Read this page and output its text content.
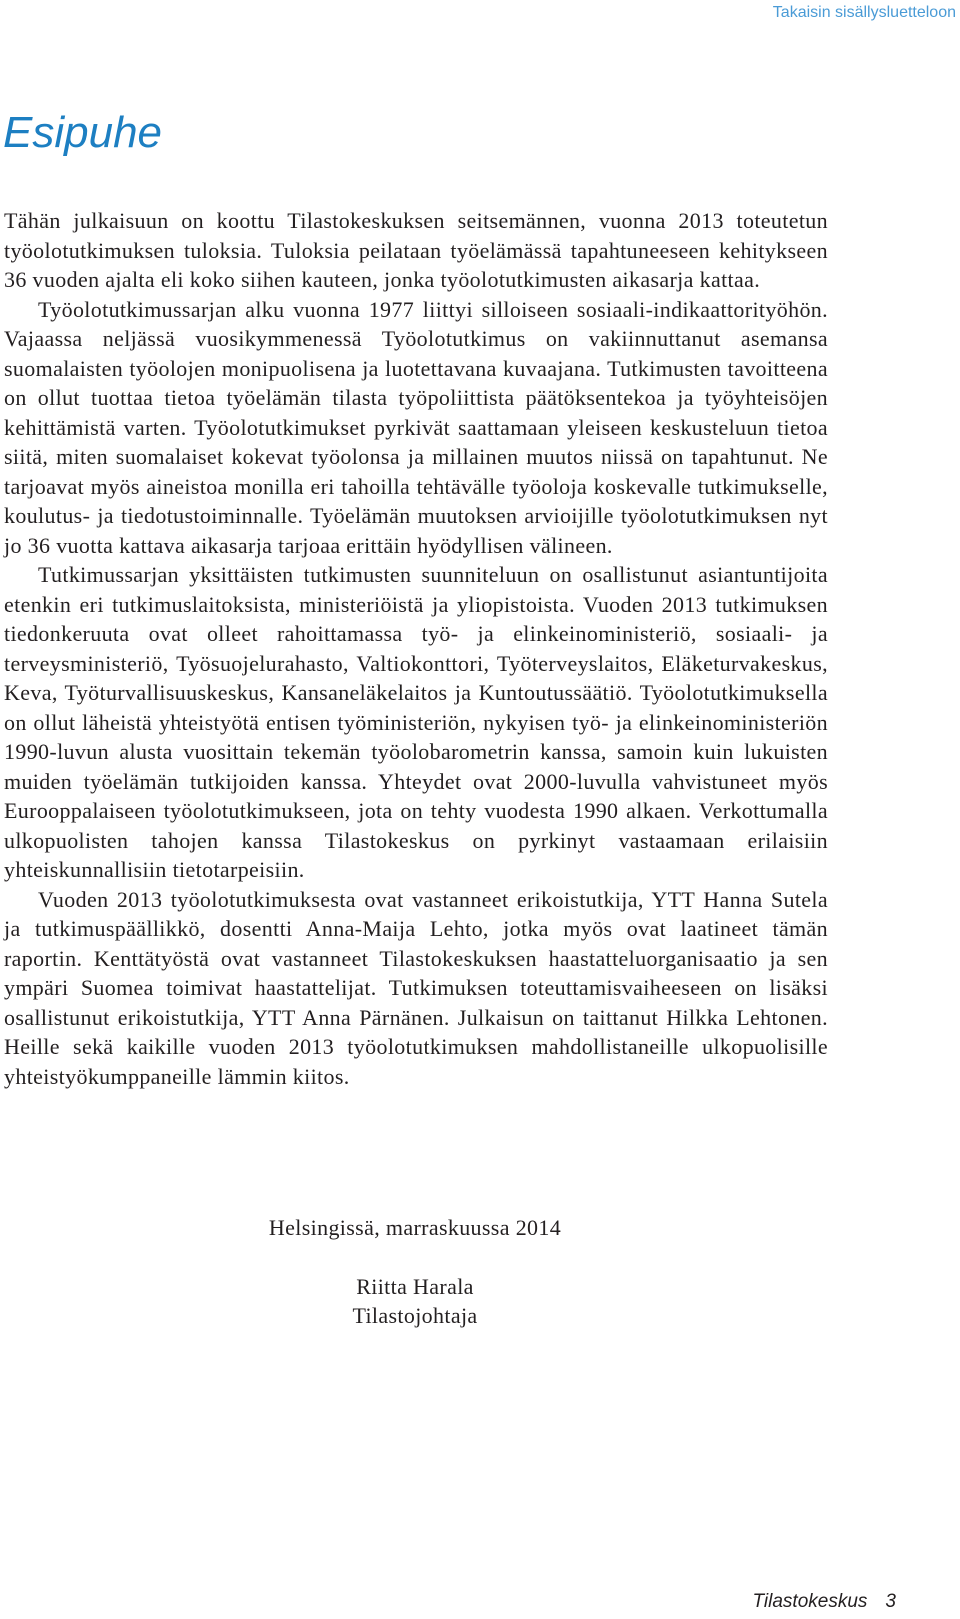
Takaisin sisällysluetteloon
Esipuhe

Tähän julkaisuun on koottu Tilastokeskuksen seitsemännen, vuonna 2013 toteutetun työolotutkimuksen tuloksia. Tuloksia peilataan työelämässä tapahtuneeseen kehitykseen 36 vuoden ajalta eli koko siihen kauteen, jonka työolotutkimusten aikasarja kattaa.

Työolotutkimussarjan alku vuonna 1977 liittyi silloiseen sosiaali-indikaattorityöhön. Vajaassa neljässä vuosikymmenessä Työolotutkimus on vakiinnuttanut asemansa suomalaisten työolojen monipuolisena ja luotettavana kuvaajana. Tutkimusten tavoitteena on ollut tuottaa tietoa työelämän tilasta työpoliittista päätöksentekoa ja työyhteisöjen kehittämistä varten. Työolotutkimukset pyrkivät saattamaan yleiseen keskusteluun tietoa siitä, miten suomalaiset kokevat työolonsa ja millainen muutos niissä on tapahtunut. Ne tarjoavat myös aineistoa monilla eri tahoilla tehtävälle työoloja koskevalle tutkimukselle, koulutus- ja tiedotustoiminnalle. Työelämän muutoksen arvioijille työolotutkimuksen nyt jo 36 vuotta kattava aikasarja tarjoaa erittäin hyödyllisen välineen.

Tutkimussarjan yksittäisten tutkimusten suunniteluun on osallistunut asiantuntijoita etenkin eri tutkimuslaitoksista, ministeriöistä ja yliopistoista. Vuoden 2013 tutkimuksen tiedonkeruuta ovat olleet rahoittamassa työ- ja elinkeinoministeriö, sosiaali- ja terveysministeriö, Työsuojelurahasto, Valtiokonttori, Työterveyslaitos, Eläketurvakeskus, Keva, Työturvallisuuskeskus, Kansaneläkelaitos ja Kuntoutussäätiö. Työolotutkimuksella on ollut läheistä yhteistyötä entisen työministeriön, nykyisen työ- ja elinkeinoministeriön 1990-luvun alusta vuosittain tekemän työolobarometrin kanssa, samoin kuin lukuisten muiden työelämän tutkijoiden kanssa. Yhteydet ovat 2000-luvulla vahvistuneet myös Eurooppalaiseen työolotutkimukseen, jota on tehty vuodesta 1990 alkaen. Verkottumalla ulkopuolisten tahojen kanssa Tilastokeskus on pyrkinyt vastaamaan erilaisiin yhteiskunnallisiin tietotarpeisiin.

Vuoden 2013 työolotutkimuksesta ovat vastanneet erikoistutkija, YTT Hanna Sutela ja tutkimuspäällikkö, dosentti Anna-Maija Lehto, jotka myös ovat laatineet tämän raportin. Kenttätyöstä ovat vastanneet Tilastokeskuksen haastatteluorganisaatio ja sen ympäri Suomea toimivat haastattelijat. Tutkimuksen toteuttamisvaiheeseen on lisäksi osallistunut erikoistutkija, YTT Anna Pärnänen. Julkaisun on taittanut Hilkka Lehtonen. Heille sekä kaikille vuoden 2013 työolotutkimuksen mahdollistaneille ulkopuolisille yhteistyökumppaneille lämmin kiitos.

Helsingissä, marraskuussa 2014
Riitta Harala
Tilastojohtaja
Tilastokeskus 3
